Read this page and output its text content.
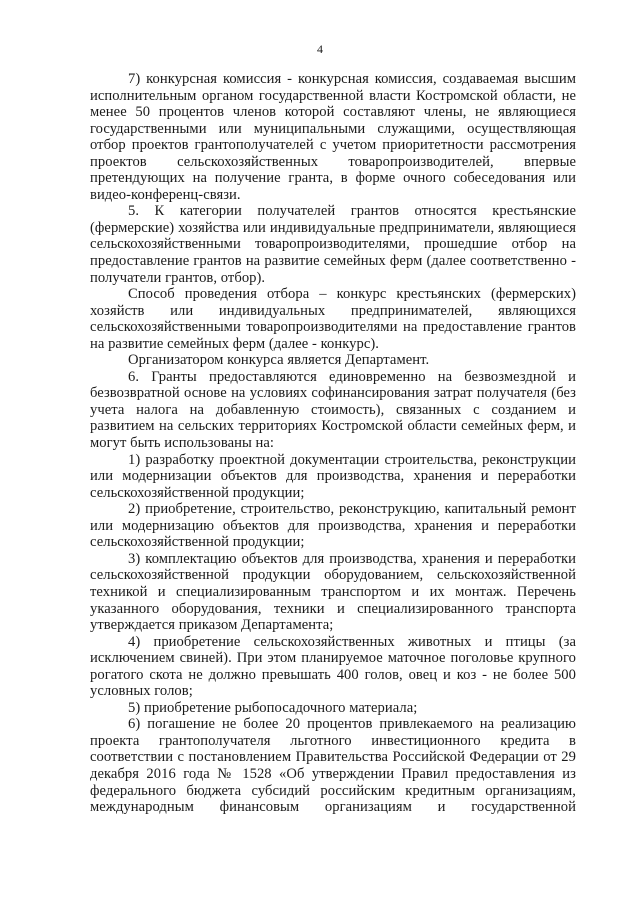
4

7) конкурсная комиссия - конкурсная комиссия, создаваемая высшим исполнительным органом государственной власти Костромской области, не менее 50 процентов членов которой составляют члены, не являющиеся государственными или муниципальными служащими, осуществляющая отбор проектов грантополучателей с учетом приоритетности рассмотрения проектов сельскохозяйственных товаропроизводителей, впервые претендующих на получение гранта, в форме очного собеседования или видео-конференц-связи.

5. К категории получателей грантов относятся крестьянские (фермерские) хозяйства или индивидуальные предприниматели, являющиеся сельскохозяйственными товаропроизводителями, прошедшие отбор на предоставление грантов на развитие семейных ферм (далее соответственно - получатели грантов, отбор).

Способ проведения отбора – конкурс крестьянских (фермерских) хозяйств или индивидуальных предпринимателей, являющихся сельскохозяйственными товаропроизводителями на предоставление грантов на развитие семейных ферм (далее - конкурс).

Организатором конкурса является Департамент.

6. Гранты предоставляются единовременно на безвозмездной и безвозвратной основе на условиях софинансирования затрат получателя (без учета налога на добавленную стоимость), связанных с созданием и развитием на сельских территориях Костромской области семейных ферм, и могут быть использованы на:

1) разработку проектной документации строительства, реконструкции или модернизации объектов для производства, хранения и переработки сельскохозяйственной продукции;

2) приобретение, строительство, реконструкцию, капитальный ремонт или модернизацию объектов для производства, хранения и переработки сельскохозяйственной продукции;

3) комплектацию объектов для производства, хранения и переработки сельскохозяйственной продукции оборудованием, сельскохозяйственной техникой и специализированным транспортом и их монтаж. Перечень указанного оборудования, техники и специализированного транспорта утверждается приказом Департамента;

4) приобретение сельскохозяйственных животных и птицы (за исключением свиней). При этом планируемое маточное поголовье крупного рогатого скота не должно превышать 400 голов, овец и коз - не более 500 условных голов;

5) приобретение рыбопосадочного материала;

6) погашение не более 20 процентов привлекаемого на реализацию проекта грантополучателя льготного инвестиционного кредита в соответствии с постановлением Правительства Российской Федерации от 29 декабря 2016 года № 1528 «Об утверждении Правил предоставления из федерального бюджета субсидий российским кредитным организациям, международным финансовым организациям и государственной
